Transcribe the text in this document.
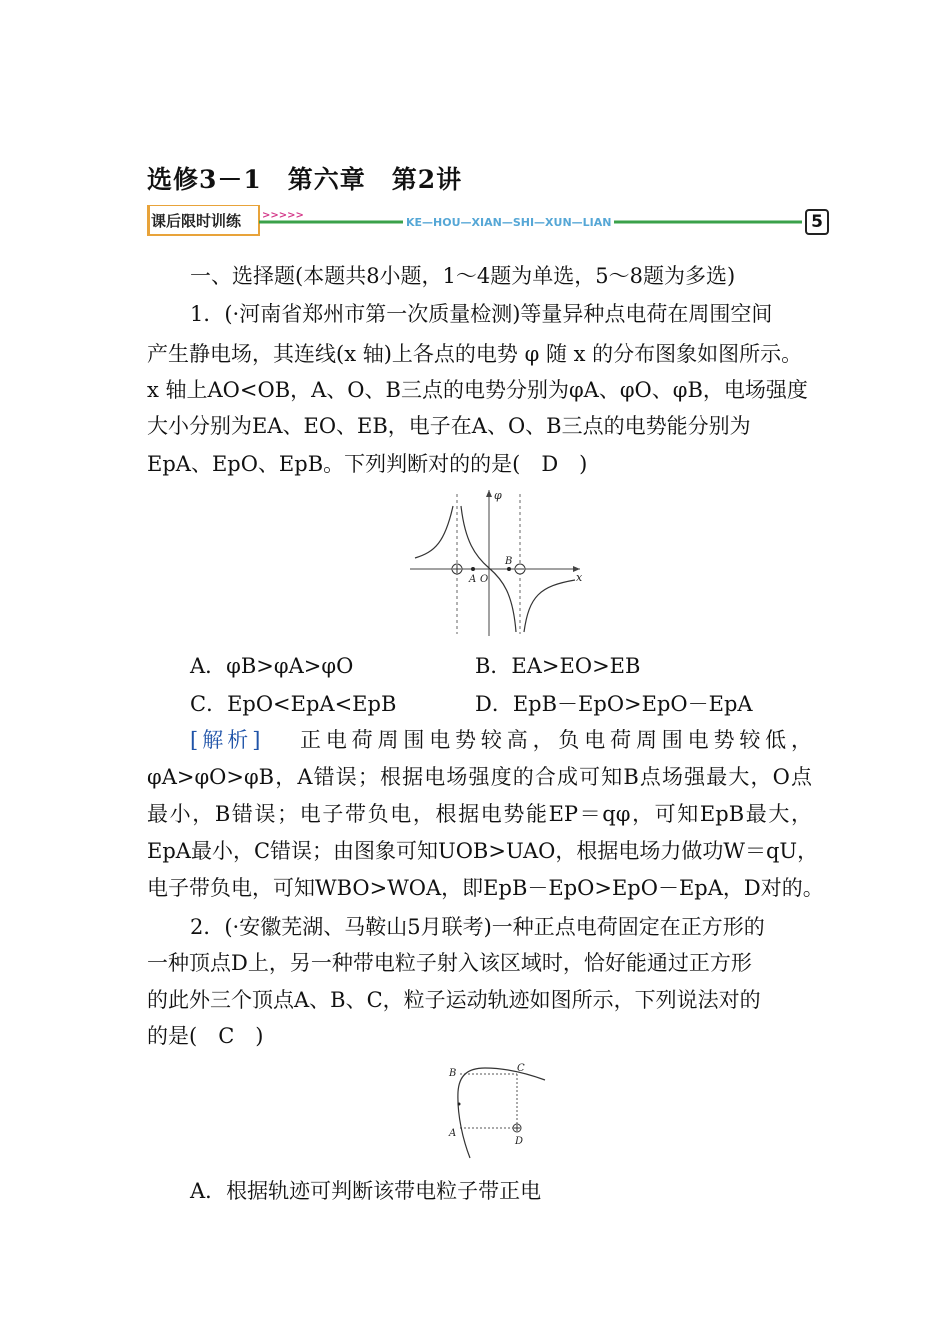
选修3－1　第六章　第2讲
>>>>>
课后限时训练	KE—HOU—XIAN—SHI—XUN—LIAN	5
一、选择题(本题共8小题，1～4题为单选，5～8题为多选)
1．(·河南省郑州市第一次质量检测)等量异种点电荷在周围空间
产生静电场，其连线(x 轴)上各点的电势 φ 随 x 的分布图象如图所示。
x 轴上AO<OB，A、O、B三点的电势分别为φA、φO、φB，电场强度
大小分别为EA、EO、EB，电子在A、O、B三点的电势能分别为
EpA、EpO、EpB。下列判断对的的是(　D　)
φ
x
A O
B
A．φB>φA>φO	B．EA>EO>EB
C．EpO<EpA<EpB	D．EpB－EpO>EpO－EpA
[解析] 正电荷周围电势较高，负电荷周围电势较低，
φA>φO>φB，A错误；根据电场强度的合成可知B点场强最大，O点
最小，B错误；电子带负电，根据电势能EP＝qφ，可知EpB最大，
EpA最小，C错误；由图象可知UOB>UAO，根据电场力做功W＝qU，
电子带负电，可知WBO>WOA，即EpB－EpO>EpO－EpA，D对的。
2．(·安徽芜湖、马鞍山5月联考)一种正点电荷固定在正方形的
一种顶点D上，另一种带电粒子射入该区域时，恰好能通过正方形
的此外三个顶点A、B、C，粒子运动轨迹如图所示，下列说法对的
的是(　C　)
B	C
A
D
A．根据轨迹可判断该带电粒子带正电
